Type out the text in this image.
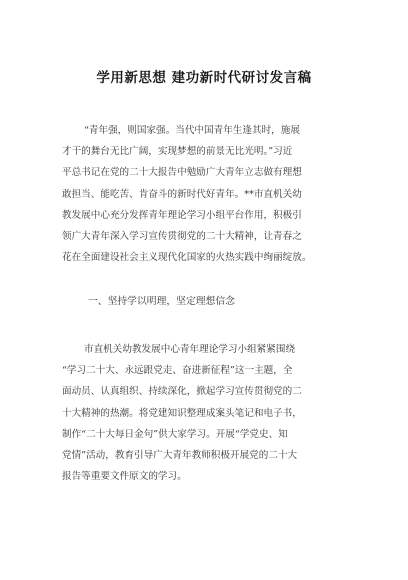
学用新思想 建功新时代研讨发言稿
“青年强，则国家强。当代中国青年生逢其时，施展
才干的舞台无比广阔，实现梦想的前景无比光明。”习近
平总书记在党的二十大报告中勉励广大青年立志做有理想
敢担当、能吃苦、肯奋斗的新时代好青年。**市直机关幼
教发展中心充分发挥青年理论学习小组平台作用，积极引
领广大青年深入学习宣传贯彻党的二十大精神，让青春之
花在全面建设社会主义现代化国家的火热实践中绚丽绽放。
一、坚持学以明理，坚定理想信念
市直机关幼教发展中心青年理论学习小组紧紧围绕
“学习二十大、永远跟党走、奋进新征程”这一主题，全
面动员、认真组织、持续深化，掀起学习宣传贯彻党的二
十大精神的热潮。将党建知识整理成案头笔记和电子书，
制作“二十大每日金句”供大家学习。开展“学党史、知
党情”活动，教育引导广大青年教师积极开展党的二十大
报告等重要文件原文的学习。
